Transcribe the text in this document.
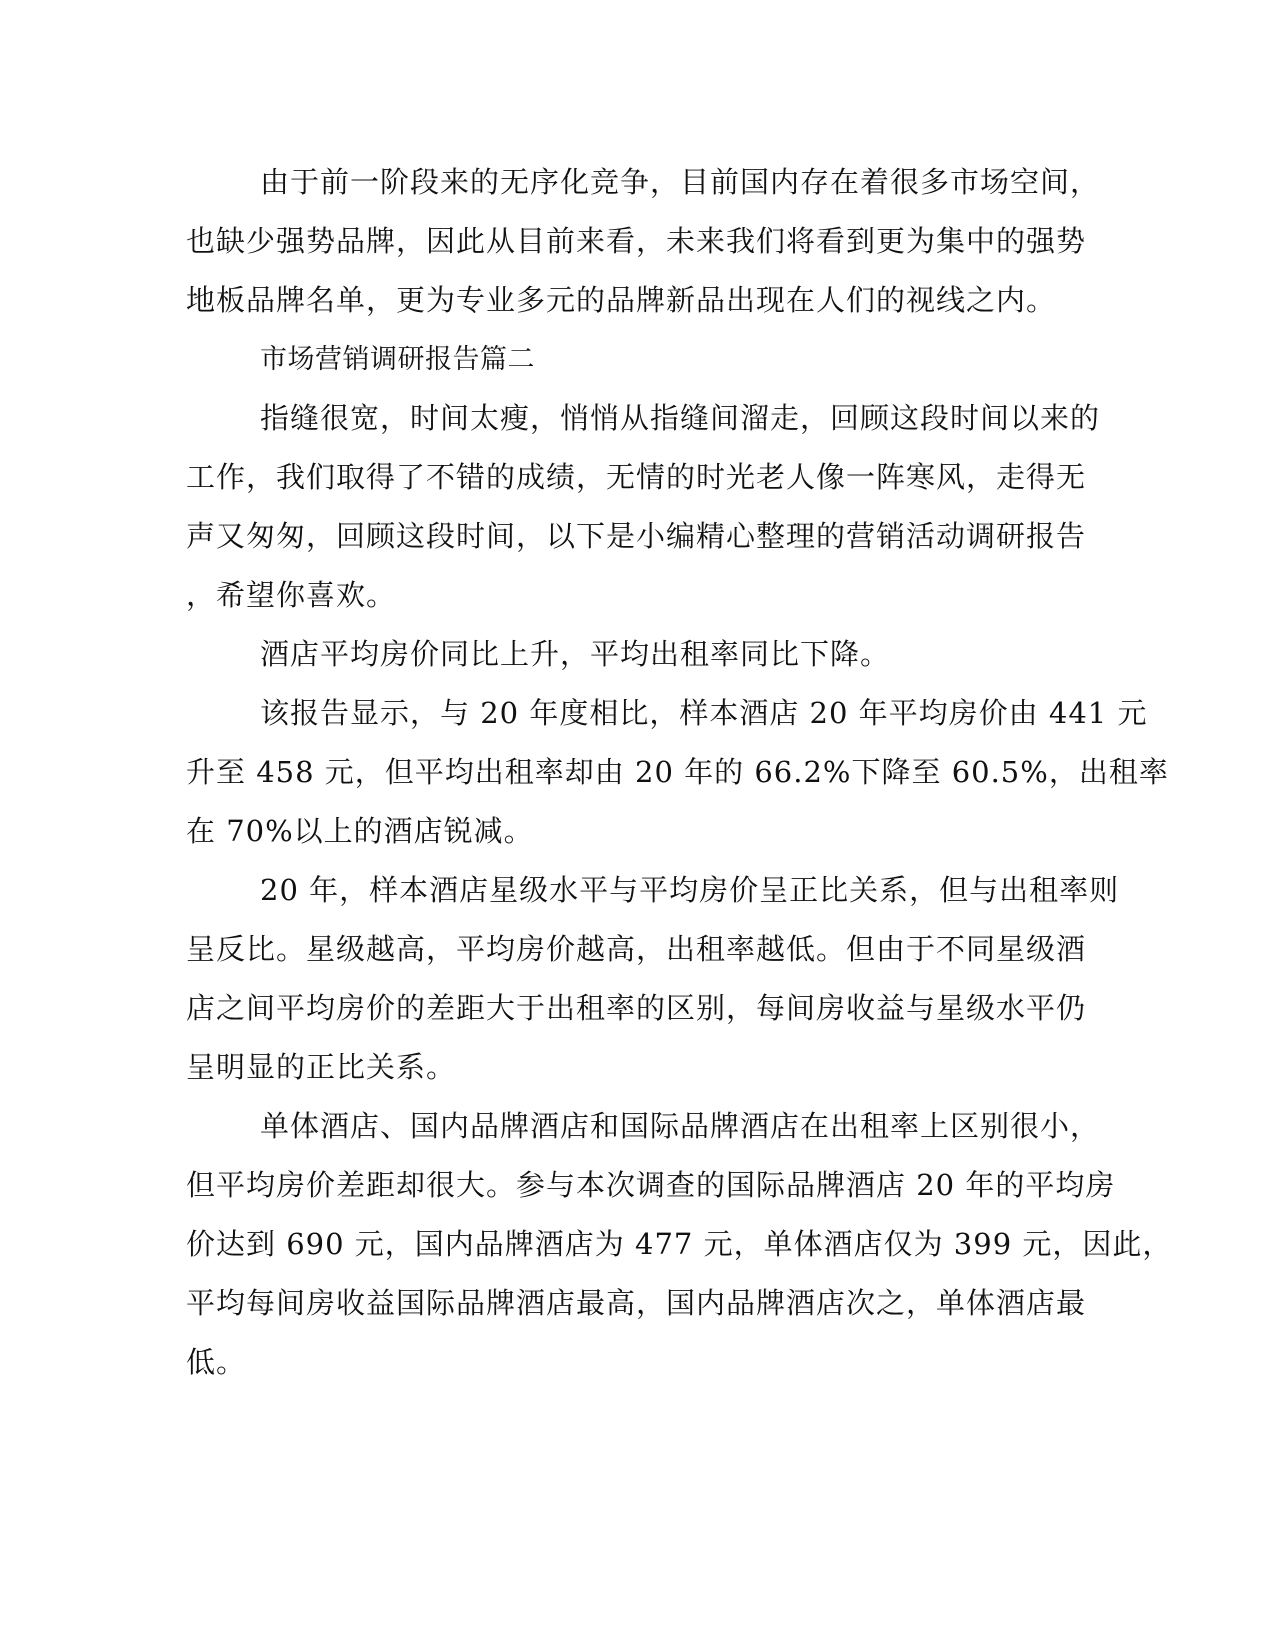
由于前一阶段来的无序化竞争，目前国内存在着很多市场空间，
也缺少强势品牌，因此从目前来看，未来我们将看到更为集中的强势
地板品牌名单，更为专业多元的品牌新品出现在人们的视线之内。
市场营销调研报告篇二
指缝很宽，时间太瘦，悄悄从指缝间溜走，回顾这段时间以来的
工作，我们取得了不错的成绩，无情的时光老人像一阵寒风，走得无
声又匆匆，回顾这段时间，以下是小编精心整理的营销活动调研报告
，希望你喜欢。
酒店平均房价同比上升，平均出租率同比下降。
该报告显示，与 20 年度相比，样本酒店 20 年平均房价由 441 元
升至 458 元，但平均出租率却由 20 年的 66.2%下降至 60.5%，出租率
在 70%以上的酒店锐减。
20 年，样本酒店星级水平与平均房价呈正比关系，但与出租率则
呈反比。星级越高，平均房价越高，出租率越低。但由于不同星级酒
店之间平均房价的差距大于出租率的区别，每间房收益与星级水平仍
呈明显的正比关系。
单体酒店、国内品牌酒店和国际品牌酒店在出租率上区别很小，
但平均房价差距却很大。参与本次调查的国际品牌酒店 20 年的平均房
价达到 690 元，国内品牌酒店为 477 元，单体酒店仅为 399 元，因此，
平均每间房收益国际品牌酒店最高，国内品牌酒店次之，单体酒店最
低。
